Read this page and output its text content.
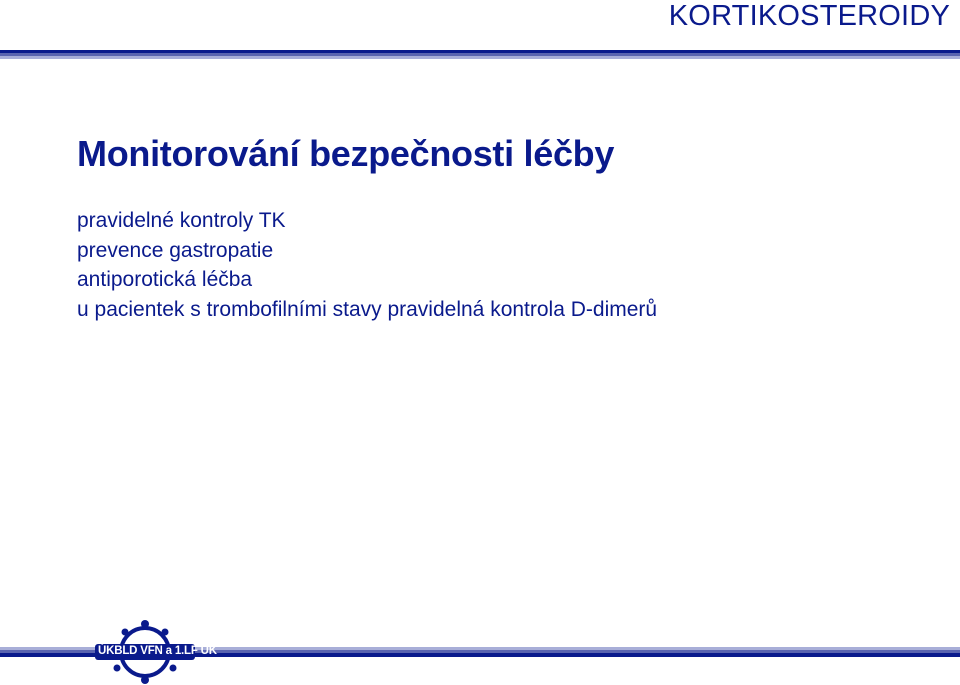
KORTIKOSTEROIDY
Monitorování bezpečnosti léčby
pravidelné kontroly TK
prevence gastropatie
antiporotická léčba
u pacientek s trombofilními stavy pravidelná kontrola D-dimerů
ÚKBLD VFN a 1.LF UK
